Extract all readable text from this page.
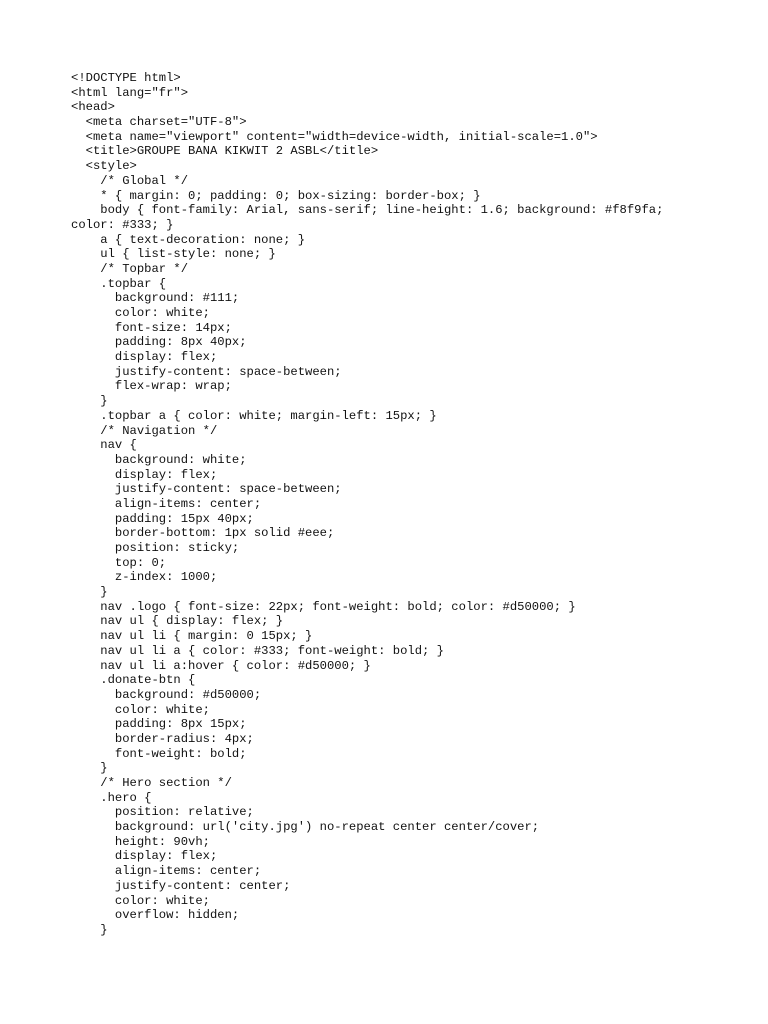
<!DOCTYPE html>
<html lang="fr">
<head>
<meta charset="UTF-8">
<meta name="viewport" content="width=device-width, initial-scale=1.0">
<title>GROUPE BANA KIKWIT 2 ASBL</title>
<style>
/* Global */
* { margin: 0; padding: 0; box-sizing: border-box; }
body { font-family: Arial, sans-serif; line-height: 1.6; background: #f8f9fa;
color: #333; }
a { text-decoration: none; }
ul { list-style: none; }
/* Topbar */
.topbar {
background: #111;
color: white;
font-size: 14px;
padding: 8px 40px;
display: flex;
justify-content: space-between;
flex-wrap: wrap;
}
.topbar a { color: white; margin-left: 15px; }
/* Navigation */
nav {
background: white;
display: flex;
justify-content: space-between;
align-items: center;
padding: 15px 40px;
border-bottom: 1px solid #eee;
position: sticky;
top: 0;
z-index: 1000;
}
nav .logo { font-size: 22px; font-weight: bold; color: #d50000; }
nav ul { display: flex; }
nav ul li { margin: 0 15px; }
nav ul li a { color: #333; font-weight: bold; }
nav ul li a:hover { color: #d50000; }
.donate-btn {
background: #d50000;
color: white;
padding: 8px 15px;
border-radius: 4px;
font-weight: bold;
}
/* Hero section */
.hero {
position: relative;
background: url('city.jpg') no-repeat center center/cover;
height: 90vh;
display: flex;
align-items: center;
justify-content: center;
color: white;
overflow: hidden;
}
